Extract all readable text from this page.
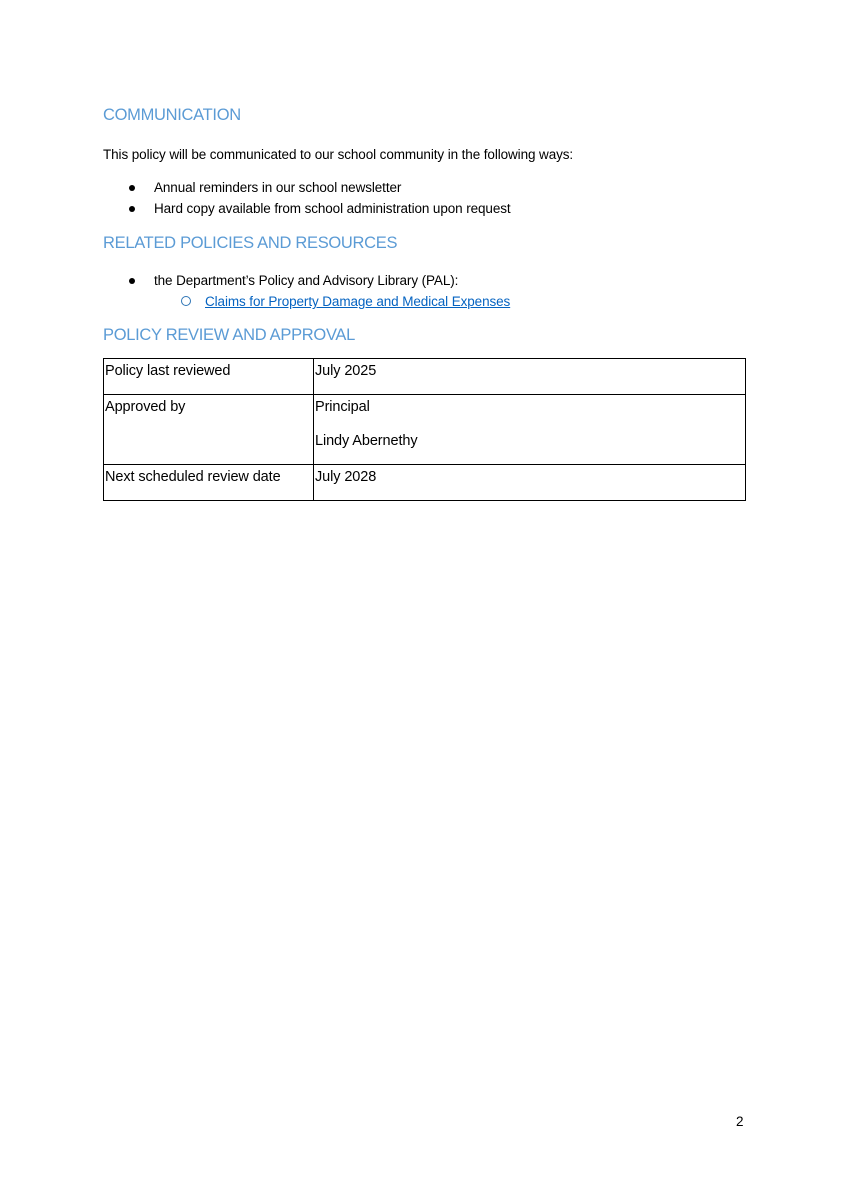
COMMUNICATION

This policy will be communicated to our school community in the following ways:

Annual reminders in our school newsletter
Hard copy available from school administration upon request
RELATED POLICIES AND RESOURCES
the Department’s Policy and Advisory Library (PAL):
Claims for Property Damage and Medical Expenses
POLICY REVIEW AND APPROVAL
Policy last reviewed	July 2025
Approved by	Principal
Lindy Abernethy

Next scheduled review date	July 2028
2
